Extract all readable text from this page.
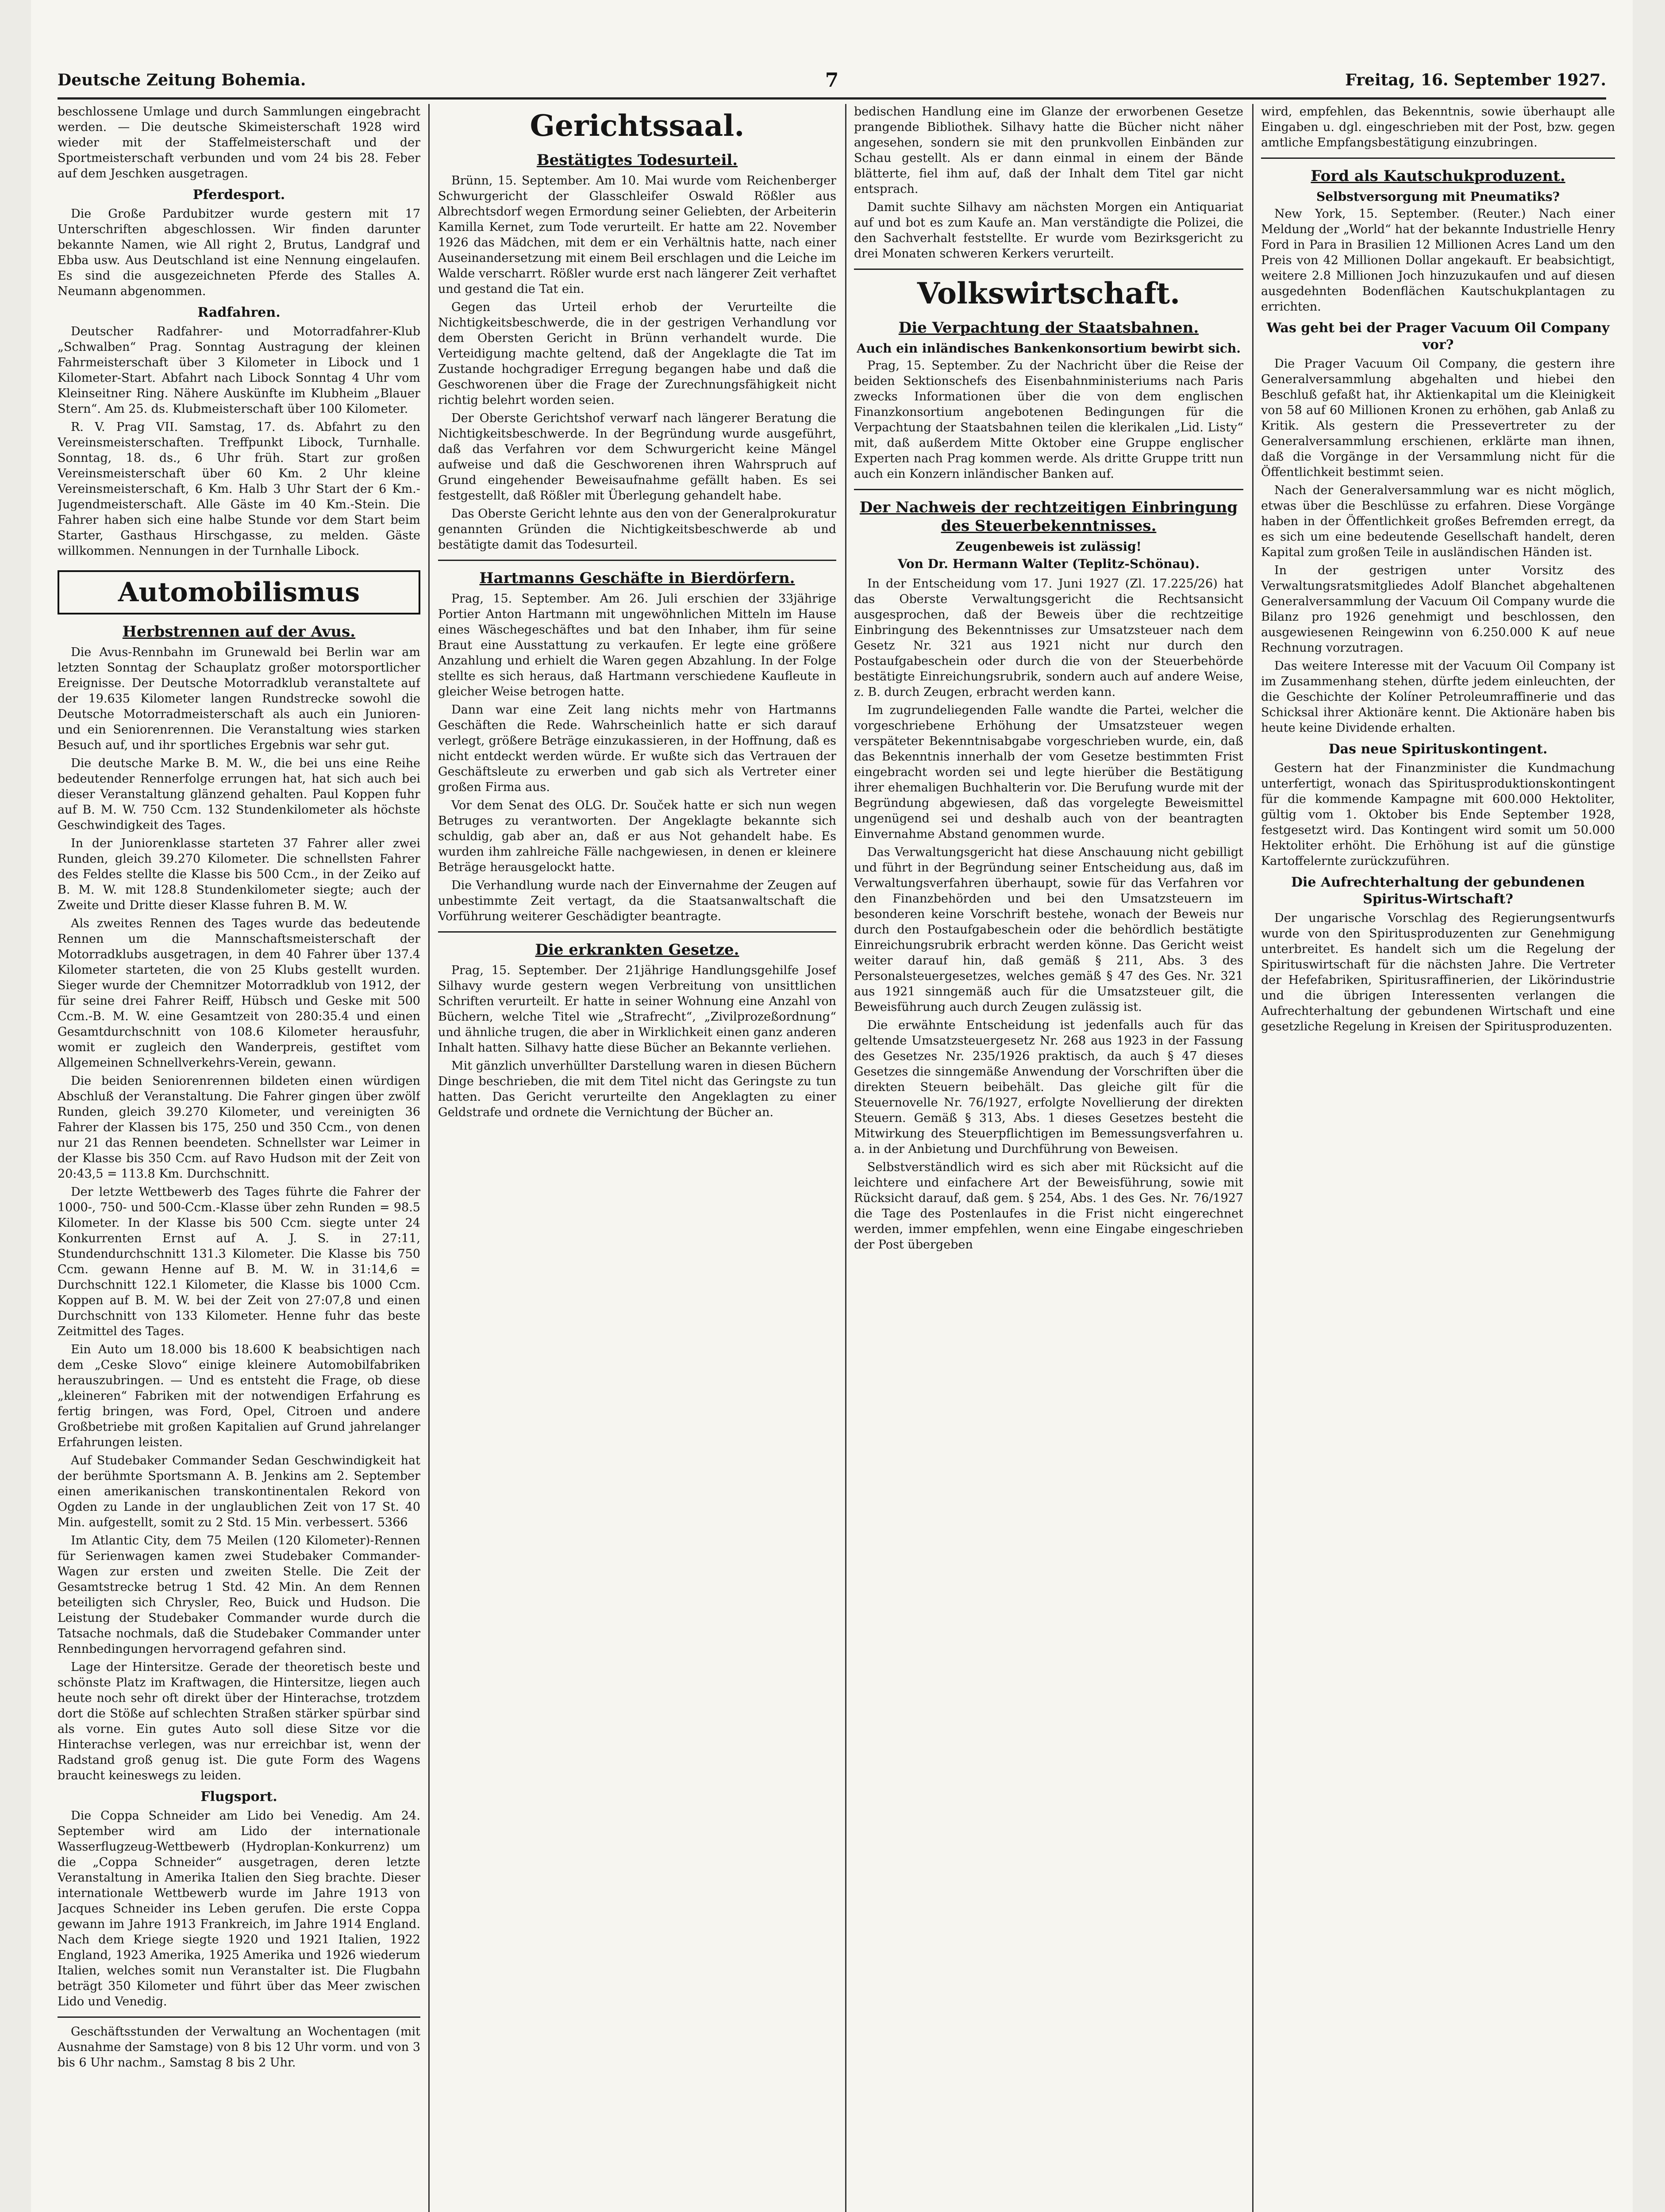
Deutsche Zeitung Bohemia.	7	Freitag, 16. September 1927.

beschlossene Umlage und durch Sammlungen eingebracht werden. — Die deutsche Skimeisterschaft 1928 wird wieder mit der Staffelmeisterschaft und der Sportmeisterschaft verbunden und vom 24 bis 28. Feber auf dem Jeschken ausgetragen.

Pferdesport.

Die Große Pardubitzer wurde gestern mit 17 Unterschriften abgeschlossen. Wir finden darunter bekannte Namen, wie All right 2, Brutus, Landgraf und Ebba usw. Aus Deutschland ist eine Nennung eingelaufen. Es sind die ausgezeichneten Pferde des Stalles A. Neumann abgenommen.

Radfahren.

Deutscher Radfahrer- und Motorradfahrer-Klub „Schwalben“ Prag. Sonntag Austragung der kleinen Fahrmeisterschaft über 3 Kilometer in Libock und 1 Kilometer-Start. Abfahrt nach Libock Sonntag 4 Uhr vom Kleinseitner Ring. Nähere Auskünfte im Klubheim „Blauer Stern“. Am 25. ds. Klubmeisterschaft über 100 Kilometer.

R. V. Prag VII. Samstag, 17. ds. Abfahrt zu den Vereinsmeisterschaften. Treffpunkt Libock, Turnhalle. Sonntag, 18. ds., 6 Uhr früh. Start zur großen Vereinsmeisterschaft über 60 Km. 2 Uhr kleine Vereinsmeisterschaft, 6 Km. Halb 3 Uhr Start der 6 Km.-Jugendmeisterschaft. Alle Gäste im 40 Km.-Stein. Die Fahrer haben sich eine halbe Stunde vor dem Start beim Starter, Gasthaus Hirschgasse, zu melden. Gäste willkommen. Nennungen in der Turnhalle Libock.

Automobilismus
Herbstrennen auf der Avus.

Die Avus-Rennbahn im Grunewald bei Berlin war am letzten Sonntag der Schauplatz großer motorsportlicher Ereignisse. Der Deutsche Motorradklub veranstaltete auf der 19.635 Kilometer langen Rundstrecke sowohl die Deutsche Motorradmeisterschaft als auch ein Junioren- und ein Seniorenrennen. Die Veranstaltung wies starken Besuch auf, und ihr sportliches Ergebnis war sehr gut.

Die deutsche Marke B. M. W., die bei uns eine Reihe bedeutender Rennerfolge errungen hat, hat sich auch bei dieser Veranstaltung glänzend gehalten. Paul Koppen fuhr auf B. M. W. 750 Ccm. 132 Stundenkilometer als höchste Geschwindigkeit des Tages.

In der Juniorenklasse starteten 37 Fahrer aller zwei Runden, gleich 39.270 Kilometer. Die schnellsten Fahrer des Feldes stellte die Klasse bis 500 Ccm., in der Zeiko auf B. M. W. mit 128.8 Stundenkilometer siegte; auch der Zweite und Dritte dieser Klasse fuhren B. M. W.

Als zweites Rennen des Tages wurde das bedeutende Rennen um die Mannschaftsmeisterschaft der Motorradklubs ausgetragen, in dem 40 Fahrer über 137.4 Kilometer starteten, die von 25 Klubs gestellt wurden. Sieger wurde der Chemnitzer Motorradklub von 1912, der für seine drei Fahrer Reiff, Hübsch und Geske mit 500 Ccm.-B. M. W. eine Gesamtzeit von 280:35.4 und einen Gesamtdurchschnitt von 108.6 Kilometer herausfuhr, womit er zugleich den Wanderpreis, gestiftet vom Allgemeinen Schnellverkehrs-Verein, gewann.

Die beiden Seniorenrennen bildeten einen würdigen Abschluß der Veranstaltung. Die Fahrer gingen über zwölf Runden, gleich 39.270 Kilometer, und vereinigten 36 Fahrer der Klassen bis 175, 250 und 350 Ccm., von denen nur 21 das Rennen beendeten. Schnellster war Leimer in der Klasse bis 350 Ccm. auf Ravo Hudson mit der Zeit von 20:43,5 = 113.8 Km. Durchschnitt.

Der letzte Wettbewerb des Tages führte die Fahrer der 1000-, 750- und 500-Ccm.-Klasse über zehn Runden = 98.5 Kilometer. In der Klasse bis 500 Ccm. siegte unter 24 Konkurrenten Ernst auf A. J. S. in 27:11, Stundendurchschnitt 131.3 Kilometer. Die Klasse bis 750 Ccm. gewann Henne auf B. M. W. in 31:14,6 = Durchschnitt 122.1 Kilometer, die Klasse bis 1000 Ccm. Koppen auf B. M. W. bei der Zeit von 27:07,8 und einen Durchschnitt von 133 Kilometer. Henne fuhr das beste Zeitmittel des Tages.

Ein Auto um 18.000 bis 18.600 K beabsichtigen nach dem „Ceske Slovo“ einige kleinere Automobilfabriken herauszubringen. — Und es entsteht die Frage, ob diese „kleineren“ Fabriken mit der notwendigen Erfahrung es fertig bringen, was Ford, Opel, Citroen und andere Großbetriebe mit großen Kapitalien auf Grund jahrelanger Erfahrungen leisten.

Auf Studebaker Commander Sedan Geschwindigkeit hat der berühmte Sportsmann A. B. Jenkins am 2. September einen amerikanischen transkontinentalen Rekord von Ogden zu Lande in der unglaublichen Zeit von 17 St. 40 Min. aufgestellt, somit zu 2 Std. 15 Min. verbessert. 5366

Im Atlantic City, dem 75 Meilen (120 Kilometer)-Rennen für Serienwagen kamen zwei Studebaker Commander-Wagen zur ersten und zweiten Stelle. Die Zeit der Gesamtstrecke betrug 1 Std. 42 Min. An dem Rennen beteiligten sich Chrysler, Reo, Buick und Hudson. Die Leistung der Studebaker Commander wurde durch die Tatsache nochmals, daß die Studebaker Commander unter Rennbedingungen hervorragend gefahren sind.

Lage der Hintersitze. Gerade der theoretisch beste und schönste Platz im Kraftwagen, die Hintersitze, liegen auch heute noch sehr oft direkt über der Hinterachse, trotzdem dort die Stöße auf schlechten Straßen stärker spürbar sind als vorne. Ein gutes Auto soll diese Sitze vor die Hinterachse verlegen, was nur erreichbar ist, wenn der Radstand groß genug ist. Die gute Form des Wagens braucht keineswegs zu leiden.

Flugsport.

Die Coppa Schneider am Lido bei Venedig. Am 24. September wird am Lido der internationale Wasserflugzeug-Wettbewerb (Hydroplan-Konkurrenz) um die „Coppa Schneider“ ausgetragen, deren letzte Veranstaltung in Amerika Italien den Sieg brachte. Dieser internationale Wettbewerb wurde im Jahre 1913 von Jacques Schneider ins Leben gerufen. Die erste Coppa gewann im Jahre 1913 Frankreich, im Jahre 1914 England. Nach dem Kriege siegte 1920 und 1921 Italien, 1922 England, 1923 Amerika, 1925 Amerika und 1926 wiederum Italien, welches somit nun Veranstalter ist. Die Flugbahn beträgt 350 Kilometer und führt über das Meer zwischen Lido und Venedig.

Geschäftsstunden der Verwaltung an Wochentagen (mit Ausnahme der Samstage) von 8 bis 12 Uhr vorm. und von 3 bis 6 Uhr nachm., Samstag 8 bis 2 Uhr.

Gerichtssaal.
Bestätigtes Todesurteil.

Brünn, 15. September. Am 10. Mai wurde vom Reichenberger Schwurgericht der Glasschleifer Oswald Rößler aus Albrechtsdorf wegen Ermordung seiner Geliebten, der Arbeiterin Kamilla Kernet, zum Tode verurteilt. Er hatte am 22. November 1926 das Mädchen, mit dem er ein Verhältnis hatte, nach einer Auseinandersetzung mit einem Beil erschlagen und die Leiche im Walde verscharrt. Rößler wurde erst nach längerer Zeit verhaftet und gestand die Tat ein.

Gegen das Urteil erhob der Verurteilte die Nichtigkeitsbeschwerde, die in der gestrigen Verhandlung vor dem Obersten Gericht in Brünn verhandelt wurde. Die Verteidigung machte geltend, daß der Angeklagte die Tat im Zustande hochgradiger Erregung begangen habe und daß die Geschworenen über die Frage der Zurechnungsfähigkeit nicht richtig belehrt worden seien.

Der Oberste Gerichtshof verwarf nach längerer Beratung die Nichtigkeitsbeschwerde. In der Begründung wurde ausgeführt, daß das Verfahren vor dem Schwurgericht keine Mängel aufweise und daß die Geschworenen ihren Wahrspruch auf Grund eingehender Beweisaufnahme gefällt haben. Es sei festgestellt, daß Rößler mit Überlegung gehandelt habe.

Das Oberste Gericht lehnte aus den von der Generalprokuratur genannten Gründen die Nichtigkeitsbeschwerde ab und bestätigte damit das Todesurteil.

Hartmanns Geschäfte in Bierdörfern.

Prag, 15. September. Am 26. Juli erschien der 33jährige Portier Anton Hartmann mit ungewöhnlichen Mitteln im Hause eines Wäschegeschäftes und bat den Inhaber, ihm für seine Braut eine Ausstattung zu verkaufen. Er legte eine größere Anzahlung und erhielt die Waren gegen Abzahlung. In der Folge stellte es sich heraus, daß Hartmann verschiedene Kaufleute in gleicher Weise betrogen hatte.

Dann war eine Zeit lang nichts mehr von Hartmanns Geschäften die Rede. Wahrscheinlich hatte er sich darauf verlegt, größere Beträge einzukassieren, in der Hoffnung, daß es nicht entdeckt werden würde. Er wußte sich das Vertrauen der Geschäftsleute zu erwerben und gab sich als Vertreter einer großen Firma aus.

Vor dem Senat des OLG. Dr. Souček hatte er sich nun wegen Betruges zu verantworten. Der Angeklagte bekannte sich schuldig, gab aber an, daß er aus Not gehandelt habe. Es wurden ihm zahlreiche Fälle nachgewiesen, in denen er kleinere Beträge herausgelockt hatte.

Die Verhandlung wurde nach der Einvernahme der Zeugen auf unbestimmte Zeit vertagt, da die Staatsanwaltschaft die Vorführung weiterer Geschädigter beantragte.

Die erkrankten Gesetze.

Prag, 15. September. Der 21jährige Handlungsgehilfe Josef Silhavy wurde gestern wegen Verbreitung von unsittlichen Schriften verurteilt. Er hatte in seiner Wohnung eine Anzahl von Büchern, welche Titel wie „Strafrecht“, „Zivilprozeßordnung“ und ähnliche trugen, die aber in Wirklichkeit einen ganz anderen Inhalt hatten. Silhavy hatte diese Bücher an Bekannte verliehen.

Mit gänzlich unverhüllter Darstellung waren in diesen Büchern Dinge beschrieben, die mit dem Titel nicht das Geringste zu tun hatten. Das Gericht verurteilte den Angeklagten zu einer Geldstrafe und ordnete die Vernichtung der Bücher an.

bedischen Handlung eine im Glanze der erworbenen Gesetze prangende Bibliothek. Silhavy hatte die Bücher nicht näher angesehen, sondern sie mit den prunkvollen Einbänden zur Schau gestellt. Als er dann einmal in einem der Bände blätterte, fiel ihm auf, daß der Inhalt dem Titel gar nicht entsprach.

Damit suchte Silhavy am nächsten Morgen ein Antiquariat auf und bot es zum Kaufe an. Man verständigte die Polizei, die den Sachverhalt feststellte. Er wurde vom Bezirksgericht zu drei Monaten schweren Kerkers verurteilt.

Volkswirtschaft.
Die Verpachtung der Staatsbahnen.
Auch ein inländisches Bankenkonsortium bewirbt sich.

Prag, 15. September. Zu der Nachricht über die Reise der beiden Sektionschefs des Eisenbahnministeriums nach Paris zwecks Informationen über die von dem englischen Finanzkonsortium angebotenen Bedingungen für die Verpachtung der Staatsbahnen teilen die klerikalen „Lid. Listy“ mit, daß außerdem Mitte Oktober eine Gruppe englischer Experten nach Prag kommen werde. Als dritte Gruppe tritt nun auch ein Konzern inländischer Banken auf.

Der Nachweis der rechtzeitigen Einbringung des Steuerbekenntnisses.
Zeugenbeweis ist zulässig!
Von Dr. Hermann Walter (Teplitz-Schönau).

In der Entscheidung vom 17. Juni 1927 (Zl. 17.225/26) hat das Oberste Verwaltungsgericht die Rechtsansicht ausgesprochen, daß der Beweis über die rechtzeitige Einbringung des Bekenntnisses zur Umsatzsteuer nach dem Gesetz Nr. 321 aus 1921 nicht nur durch den Postaufgabeschein oder durch die von der Steuerbehörde bestätigte Einreichungsrubrik, sondern auch auf andere Weise, z. B. durch Zeugen, erbracht werden kann.

Im zugrundeliegenden Falle wandte die Partei, welcher die vorgeschriebene Erhöhung der Umsatzsteuer wegen verspäteter Bekenntnisabgabe vorgeschrieben wurde, ein, daß das Bekenntnis innerhalb der vom Gesetze bestimmten Frist eingebracht worden sei und legte hierüber die Bestätigung ihrer ehemaligen Buchhalterin vor. Die Berufung wurde mit der Begründung abgewiesen, daß das vorgelegte Beweismittel ungenügend sei und deshalb auch von der beantragten Einvernahme Abstand genommen wurde.

Das Verwaltungsgericht hat diese Anschauung nicht gebilligt und führt in der Begründung seiner Entscheidung aus, daß im Verwaltungsverfahren überhaupt, sowie für das Verfahren vor den Finanzbehörden und bei den Umsatzsteuern im besonderen keine Vorschrift bestehe, wonach der Beweis nur durch den Postaufgabeschein oder die behördlich bestätigte Einreichungsrubrik erbracht werden könne. Das Gericht weist weiter darauf hin, daß gemäß § 211, Abs. 3 des Personalsteuergesetzes, welches gemäß § 47 des Ges. Nr. 321 aus 1921 sinngemäß auch für die Umsatzsteuer gilt, die Beweisführung auch durch Zeugen zulässig ist.

Die erwähnte Entscheidung ist jedenfalls auch für das geltende Umsatzsteuergesetz Nr. 268 aus 1923 in der Fassung des Gesetzes Nr. 235/1926 praktisch, da auch § 47 dieses Gesetzes die sinngemäße Anwendung der Vorschriften über die direkten Steuern beibehält. Das gleiche gilt für die Steuernovelle Nr. 76/1927, erfolgte Novellierung der direkten Steuern. Gemäß § 313, Abs. 1 dieses Gesetzes besteht die Mitwirkung des Steuerpflichtigen im Bemessungsverfahren u. a. in der Anbietung und Durchführung von Beweisen.

Selbstverständlich wird es sich aber mit Rücksicht auf die leichtere und einfachere Art der Beweisführung, sowie mit Rücksicht darauf, daß gem. § 254, Abs. 1 des Ges. Nr. 76/1927 die Tage des Postenlaufes in die Frist nicht eingerechnet werden, immer empfehlen, wenn eine Eingabe eingeschrieben der Post übergeben

wird, empfehlen, das Bekenntnis, sowie überhaupt alle Eingaben u. dgl. eingeschrieben mit der Post, bzw. gegen amtliche Empfangsbestätigung einzubringen.

Ford als Kautschukproduzent.
Selbstversorgung mit Pneumatiks?

New York, 15. September. (Reuter.) Nach einer Meldung der „World“ hat der bekannte Industrielle Henry Ford in Para in Brasilien 12 Millionen Acres Land um den Preis von 42 Millionen Dollar angekauft. Er beabsichtigt, weitere 2.8 Millionen Joch hinzuzukaufen und auf diesen ausgedehnten Bodenflächen Kautschukplantagen zu errichten.

Was geht bei der Prager Vacuum Oil Company vor?

Die Prager Vacuum Oil Company, die gestern ihre Generalversammlung abgehalten und hiebei den Beschluß gefaßt hat, ihr Aktienkapital um die Kleinigkeit von 58 auf 60 Millionen Kronen zu erhöhen, gab Anlaß zu Kritik. Als gestern die Pressevertreter zu der Generalversammlung erschienen, erklärte man ihnen, daß die Vorgänge in der Versammlung nicht für die Öffentlichkeit bestimmt seien.

Nach der Generalversammlung war es nicht möglich, etwas über die Beschlüsse zu erfahren. Diese Vorgänge haben in der Öffentlichkeit großes Befremden erregt, da es sich um eine bedeutende Gesellschaft handelt, deren Kapital zum großen Teile in ausländischen Händen ist.

In der gestrigen unter Vorsitz des Verwaltungsratsmitgliedes Adolf Blanchet abgehaltenen Generalversammlung der Vacuum Oil Company wurde die Bilanz pro 1926 genehmigt und beschlossen, den ausgewiesenen Reingewinn von 6.250.000 K auf neue Rechnung vorzutragen.

Das weitere Interesse mit der Vacuum Oil Company ist im Zusammenhang stehen, dürfte jedem einleuchten, der die Geschichte der Kolíner Petroleumraffinerie und das Schicksal ihrer Aktionäre kennt. Die Aktionäre haben bis heute keine Dividende erhalten.

Das neue Spirituskontingent.

Gestern hat der Finanzminister die Kundmachung unterfertigt, wonach das Spiritusproduktionskontingent für die kommende Kampagne mit 600.000 Hektoliter, gültig vom 1. Oktober bis Ende September 1928, festgesetzt wird. Das Kontingent wird somit um 50.000 Hektoliter erhöht. Die Erhöhung ist auf die günstige Kartoffelernte zurückzuführen.

Die Aufrechterhaltung der gebundenen Spiritus-Wirtschaft?

Der ungarische Vorschlag des Regierungsentwurfs wurde von den Spiritusproduzenten zur Genehmigung unterbreitet. Es handelt sich um die Regelung der Spirituswirtschaft für die nächsten Jahre. Die Vertreter der Hefefabriken, Spiritusraffinerien, der Likörindustrie und die übrigen Interessenten verlangen die Aufrechterhaltung der gebundenen Wirtschaft und eine gesetzliche Regelung in Kreisen der Spiritusproduzenten.
